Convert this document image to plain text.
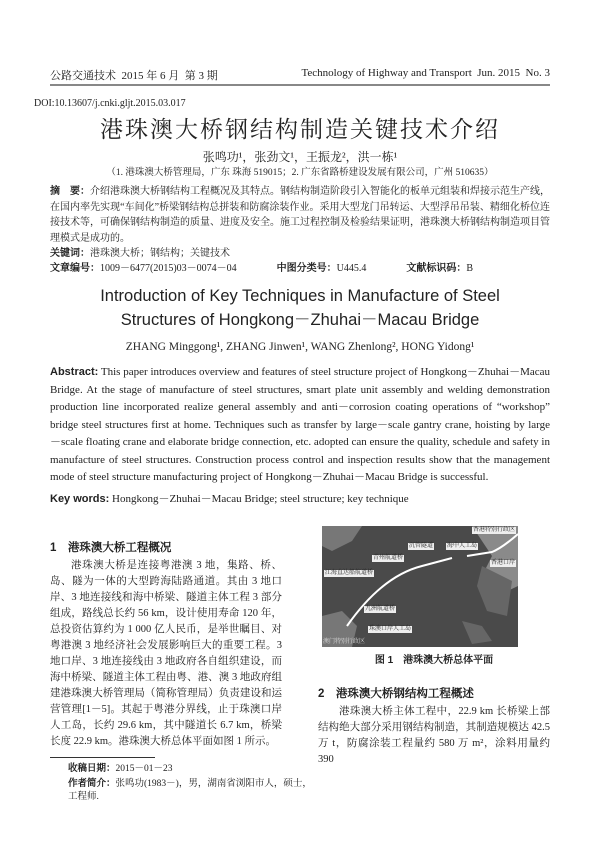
公路交通技术  2015 年 6 月  第 3 期	Technology of Highway and Transport  Jun. 2015  No. 3
DOI:10.13607/j.cnki.gljt.2015.03.017
港珠澳大桥钢结构制造关键技术介绍
张鸣功¹，张劲文¹，王振龙²，洪一栋¹
（1. 港珠澳大桥管理局，广东 珠海 519015；2. 广东省路桥建设发展有限公司，广州 510635）
摘　要：介绍港珠澳大桥钢结构工程概况及其特点。钢结构制造阶段引入智能化的板单元组装和焊接示范生产线，在国内率先实现“车间化”桥梁钢结构总拼装和防腐涂装作业。采用大型龙门吊转运、大型浮吊吊装、精细化桥位连接技术等，可确保钢结构制造的质量、进度及安全。施工过程控制及检验结果证明，港珠澳大桥钢结构制造项目管理模式是成功的。
关键词：港珠澳大桥；钢结构；关键技术
文章编号：1009－6477(2015)03－0074－04	中图分类号：U445.4	文献标识码：B
Introduction of Key Techniques in Manufacture of Steel Structures of Hongkong－Zhuhai－Macau Bridge
ZHANG Minggong¹, ZHANG Jinwen¹, WANG Zhenlong², HONG Yidong¹
Abstract: This paper introduces overview and features of steel structure project of Hongkong－Zhuhai－Macau Bridge. At the stage of manufacture of steel structures, smart plate unit assembly and welding demonstration production line incorporated realize general assembly and anti－corrosion coating operations of “workshop” bridge steel structures first at home. Techniques such as transfer by large－scale gantry crane, hoisting by large－scale floating crane and elaborate bridge connection, etc. adopted can ensure the quality, schedule and safety in manufacture of steel structures. Construction process control and inspection results show that the management mode of steel structure manufacturing project of Hongkong－Zhuhai－Macau Bridge is successful.
Key words: Hongkong－Zhuhai－Macau Bridge; steel structure; key technique
1　港珠澳大桥工程概况
港珠澳大桥是连接粤港澳 3 地，集路、桥、岛、隧为一体的大型跨海陆路通道。其由 3 地口岸、3 地连接线和海中桥梁、隧道主体工程 3 部分组成，路线总长约 56 km，设计使用寿命 120 年，总投资估算约为 1 000 亿人民币，是举世瞩目、对粤港澳 3 地经济社会发展影响巨大的重要工程。3 地口岸、3 地连接线由 3 地政府各自组织建设，而海中桥梁、隧道主体工程由粤、港、澳 3 地政府组建港珠澳大桥管理局（简称管理局）负责建设和运营管理[1－5]。其起于粤港分界线，止于珠澳口岸人工岛，长约 29.6 km，其中隧道长 6.7 km，桥梁长度 22.9 km。港珠澳大桥总体平面如图 1 所示。
香港特别行政区
沉管隧道 海中人工岛
香港口岸
青州航道桥
江海直达船航道桥
九洲航道桥
珠澳口岸人工岛
澳门特别行政区
图 1　港珠澳大桥总体平面
2　港珠澳大桥钢结构工程概述
港珠澳大桥主体工程中，22.9 km 长桥梁上部结构绝大部分采用钢结构制造，其制造规模达 42.5 万 t，防腐涂装工程量约 580 万 m²，涂料用量约 390
收稿日期：2015－01－23
作者简介：张鸣功(1983－)，男，湖南省浏阳市人，硕士，工程师.
